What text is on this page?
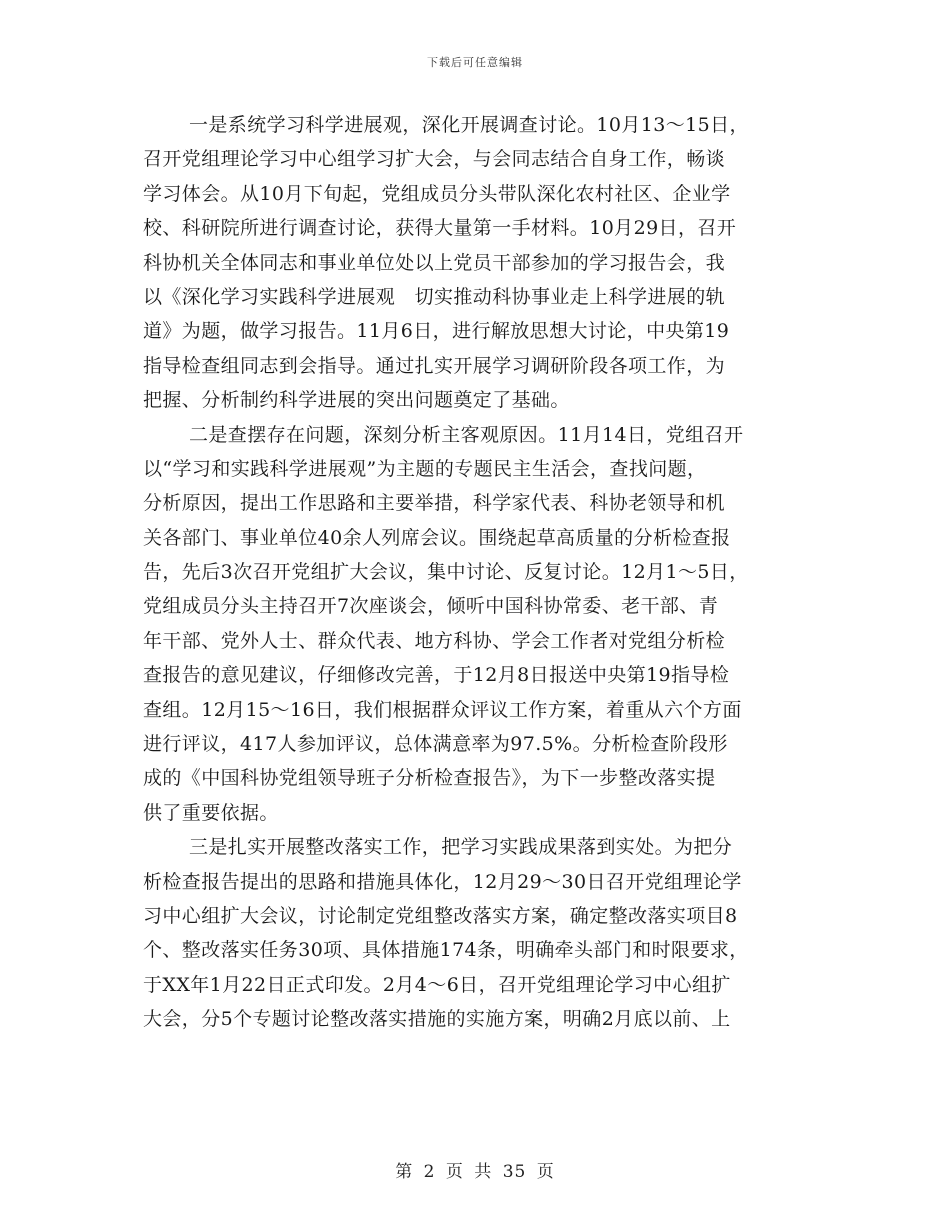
下载后可任意编辑
一是系统学习科学进展观，深化开展调查讨论。10月13～15日，
召开党组理论学习中心组学习扩大会，与会同志结合自身工作，畅谈
学习体会。从10月下旬起，党组成员分头带队深化农村社区、企业学
校、科研院所进行调查讨论，获得大量第一手材料。10月29日，召开
科协机关全体同志和事业单位处以上党员干部参加的学习报告会，我
以《深化学习实践科学进展观　切实推动科协事业走上科学进展的轨
道》为题，做学习报告。11月6日，进行解放思想大讨论，中央第19
指导检查组同志到会指导。通过扎实开展学习调研阶段各项工作，为
把握、分析制约科学进展的突出问题奠定了基础。
二是查摆存在问题，深刻分析主客观原因。11月14日，党组召开
以“学习和实践科学进展观”为主题的专题民主生活会，查找问题，
分析原因，提出工作思路和主要举措，科学家代表、科协老领导和机
关各部门、事业单位40余人列席会议。围绕起草高质量的分析检查报
告，先后3次召开党组扩大会议，集中讨论、反复讨论。12月1～5日，
党组成员分头主持召开7次座谈会，倾听中国科协常委、老干部、青
年干部、党外人士、群众代表、地方科协、学会工作者对党组分析检
查报告的意见建议，仔细修改完善，于12月8日报送中央第19指导检
查组。12月15～16日，我们根据群众评议工作方案，着重从六个方面
进行评议，417人参加评议，总体满意率为97.5%。分析检查阶段形
成的《中国科协党组领导班子分析检查报告》，为下一步整改落实提
供了重要依据。
三是扎实开展整改落实工作，把学习实践成果落到实处。为把分
析检查报告提出的思路和措施具体化，12月29～30日召开党组理论学
习中心组扩大会议，讨论制定党组整改落实方案，确定整改落实项目8
个、整改落实任务30项、具体措施174条，明确牵头部门和时限要求，
于XX年1月22日正式印发。2月4～6日，召开党组理论学习中心组扩
大会，分5个专题讨论整改落实措施的实施方案，明确2月底以前、上
第 2 页 共 35 页
